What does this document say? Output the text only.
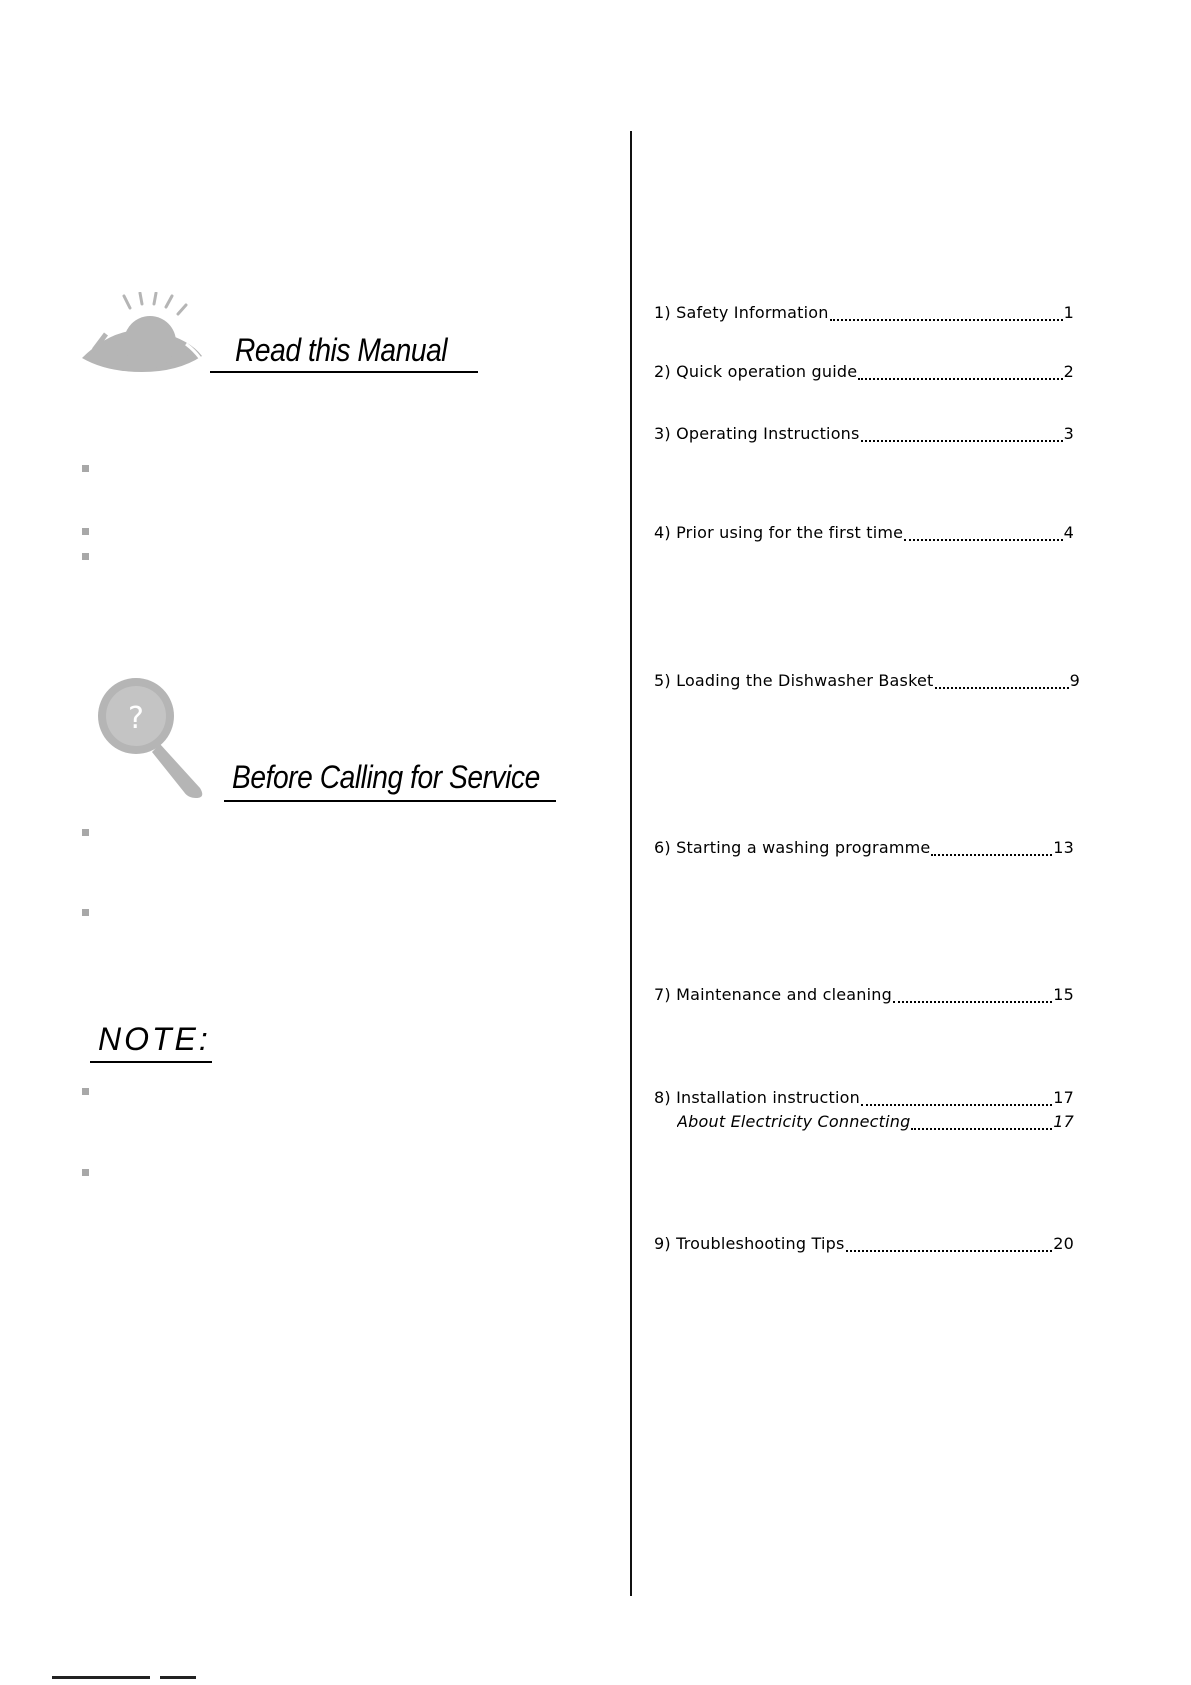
Read this Manual
?
Before Calling for Service
NOTE:
1) Safety Information	1
2) Quick operation guide	2
3) Operating Instructions	3
4) Prior using for the first time	4
5) Loading the Dishwasher Basket	9
6) Starting a washing programme	13
7) Maintenance and cleaning	15
8) Installation instruction	17
About Electricity Connecting	17
9) Troubleshooting Tips	20
